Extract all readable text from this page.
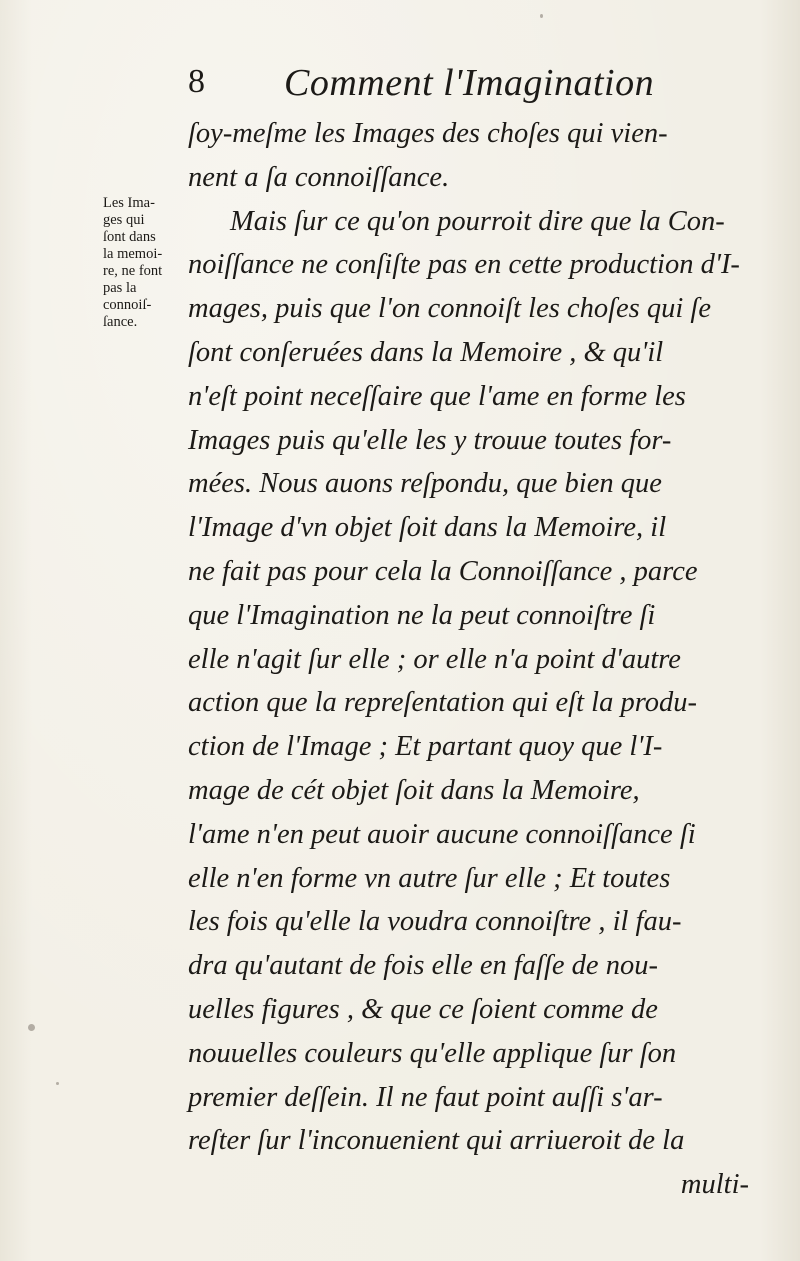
8 Comment l'Imagination
Les Ima-
ges qui
ſont dans
la memoi-
re, ne font
pas la
connoiſ-
ſance.
ſoy-meſme les Images des choſes qui vien-
nent a ſa connoiſſance.
Mais ſur ce qu'on pourroit dire que la Con-
noiſſance ne conſiſte pas en cette production d'I-
mages, puis que l'on connoiſt les choſes qui ſe
ſont conſeruées dans la Memoire , & qu'il
n'eſt point neceſſaire que l'ame en forme les
Images puis qu'elle les y trouue toutes for-
mées. Nous auons reſpondu, que bien que
l'Image d'vn objet ſoit dans la Memoire, il
ne fait pas pour cela la Connoiſſance , parce
que l'Imagination ne la peut connoiſtre ſi
elle n'agit ſur elle ; or elle n'a point d'autre
action que la repreſentation qui eſt la produ-
ction de l'Image ; Et partant quoy que l'I-
mage de cét objet ſoit dans la Memoire,
l'ame n'en peut auoir aucune connoiſſance ſi
elle n'en forme vn autre ſur elle ; Et toutes
les fois qu'elle la voudra connoiſtre , il fau-
dra qu'autant de fois elle en faſſe de nou-
uelles figures , & que ce ſoient comme de
nouuelles couleurs qu'elle applique ſur ſon
premier deſſein. Il ne faut point auſſi s'ar-
reſter ſur l'inconuenient qui arriueroit de la
multi-
